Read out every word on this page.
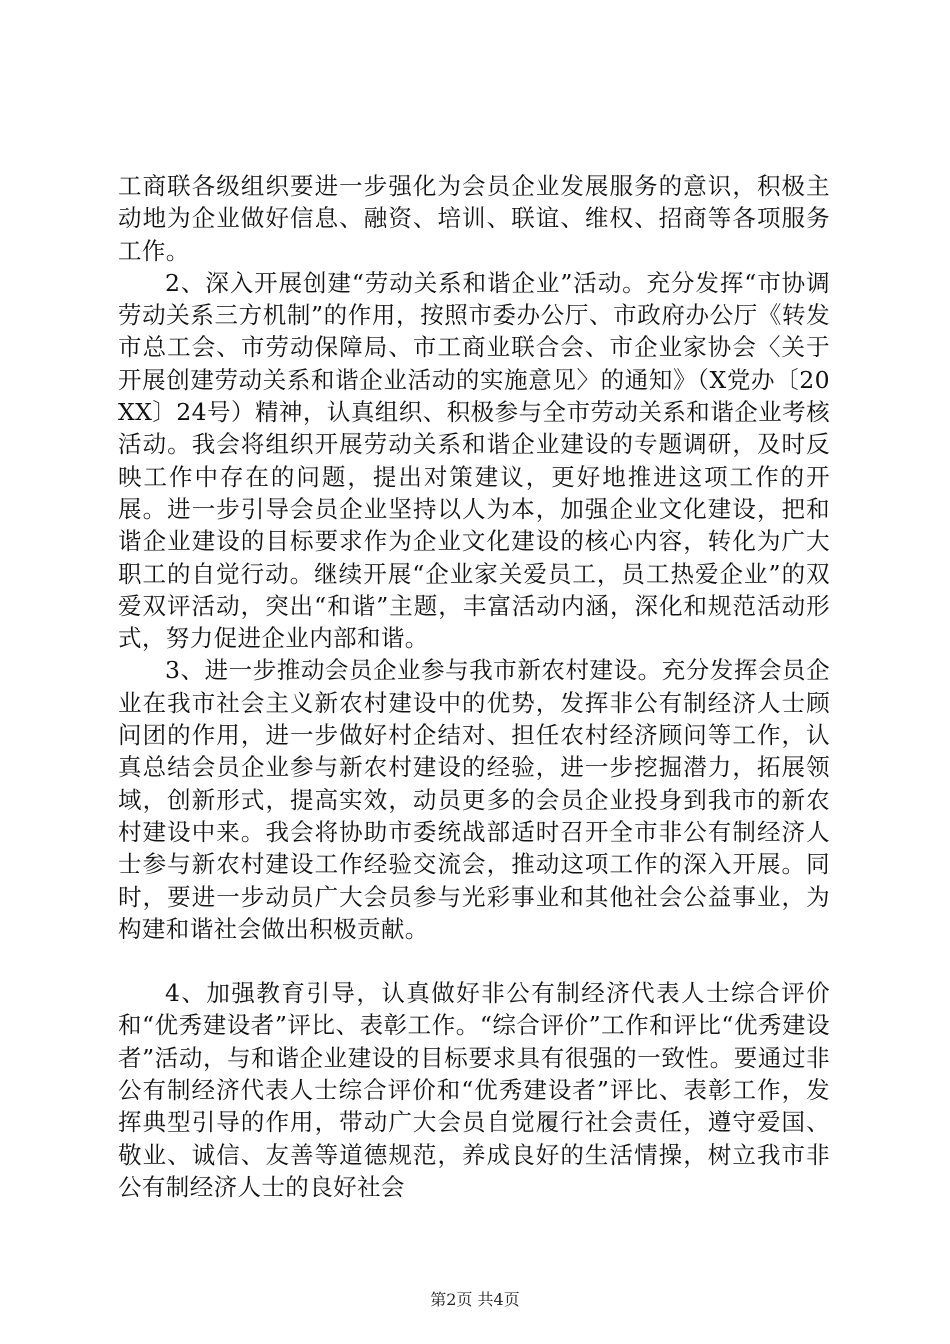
工商联各级组织要进一步强化为会员企业发展服务的意识，积极主动地为企业做好信息、融资、培训、联谊、维权、招商等各项服务工作。

2、深入开展创建“劳动关系和谐企业”活动。充分发挥“市协调劳动关系三方机制”的作用，按照市委办公厅、市政府办公厅《转发市总工会、市劳动保障局、市工商业联合会、市企业家协会〈关于开展创建劳动关系和谐企业活动的实施意见〉的通知》（X党办〔20XX〕24号）精神，认真组织、积极参与全市劳动关系和谐企业考核活动。我会将组织开展劳动关系和谐企业建设的专题调研，及时反映工作中存在的问题，提出对策建议，更好地推进这项工作的开展。进一步引导会员企业坚持以人为本，加强企业文化建设，把和谐企业建设的目标要求作为企业文化建设的核心内容，转化为广大职工的自觉行动。继续开展“企业家关爱员工，员工热爱企业”的双爱双评活动，突出“和谐”主题，丰富活动内涵，深化和规范活动形式，努力促进企业内部和谐。

3、进一步推动会员企业参与我市新农村建设。充分发挥会员企业在我市社会主义新农村建设中的优势，发挥非公有制经济人士顾问团的作用，进一步做好村企结对、担任农村经济顾问等工作，认真总结会员企业参与新农村建设的经验，进一步挖掘潜力，拓展领域，创新形式，提高实效，动员更多的会员企业投身到我市的新农村建设中来。我会将协助市委统战部适时召开全市非公有制经济人士参与新农村建设工作经验交流会，推动这项工作的深入开展。同时，要进一步动员广大会员参与光彩事业和其他社会公益事业，为构建和谐社会做出积极贡献。

4、加强教育引导，认真做好非公有制经济代表人士综合评价和“优秀建设者”评比、表彰工作。“综合评价”工作和评比“优秀建设者”活动，与和谐企业建设的目标要求具有很强的一致性。要通过非公有制经济代表人士综合评价和“优秀建设者”评比、表彰工作，发挥典型引导的作用，带动广大会员自觉履行社会责任，遵守爱国、敬业、诚信、友善等道德规范，养成良好的生活情操，树立我市非公有制经济人士的良好社会

第2页 共4页
